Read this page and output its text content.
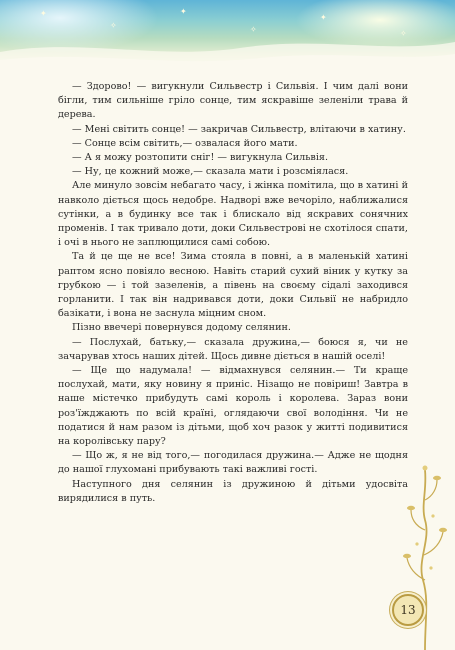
✦
✧
✦
✧
✦
✧

— Здорово! — вигукнули Сильвестр і Сильвія. І чим далі вони бігли, тим сильніше гріло сонце, тим яскравіше зеленіли трава й дерева.

— Мені світить сонце! — закричав Сильвестр, влітаючи в хатину.

— Сонце всім світить,— озвалася його мати.

— А я можу розтопити сніг! — вигукнула Сильвія.

— Ну, це кожний може,— сказала мати і розсміялася.

Але минуло зовсім небагато часу, і жінка помітила, що в хатині й навколо діється щось недобре. Надворі вже вечоріло, наближалися сутінки, а в будинку все так і блискало від яскравих сонячних променів. І так тривало доти, доки Сильвестрові не схотілося спати, і очі в нього не заплющилися самі собою.

Та й це ще не все! Зима стояла в повні, а в маленькій хатині раптом ясно повіяло весною. Навіть старий сухий віник у кутку за грубкою — і той зазеленів, а півень на своєму сідалі заходився горланити. І так він надривався доти, доки Сильвії не набридло базікати, і вона не заснула міцним сном.

Пізно ввечері повернувся додому селянин.

— Послухай, батьку,— сказала дружина,— боюся я, чи не зачарував хтось наших дітей. Щось дивне діється в нашій оселі!

— Ще що надумала! — відмахнувся селянин.— Ти краще послухай, мати, яку новину я приніс. Нізащо не повіриш! Завтра в наше містечко прибудуть самі король і королева. Зараз вони роз'їжджають по всій країні, оглядаючи свої володіння. Чи не податися й нам разом із дітьми, щоб хоч разок у житті подивитися на королівську пару?

— Що ж, я не від того,— погодилася дружина.— Адже не щодня до нашої глухомані прибувають такі важливі гості.

Наступного дня селянин із дружиною й дітьми удосвіта вирядилися в путь.

13
